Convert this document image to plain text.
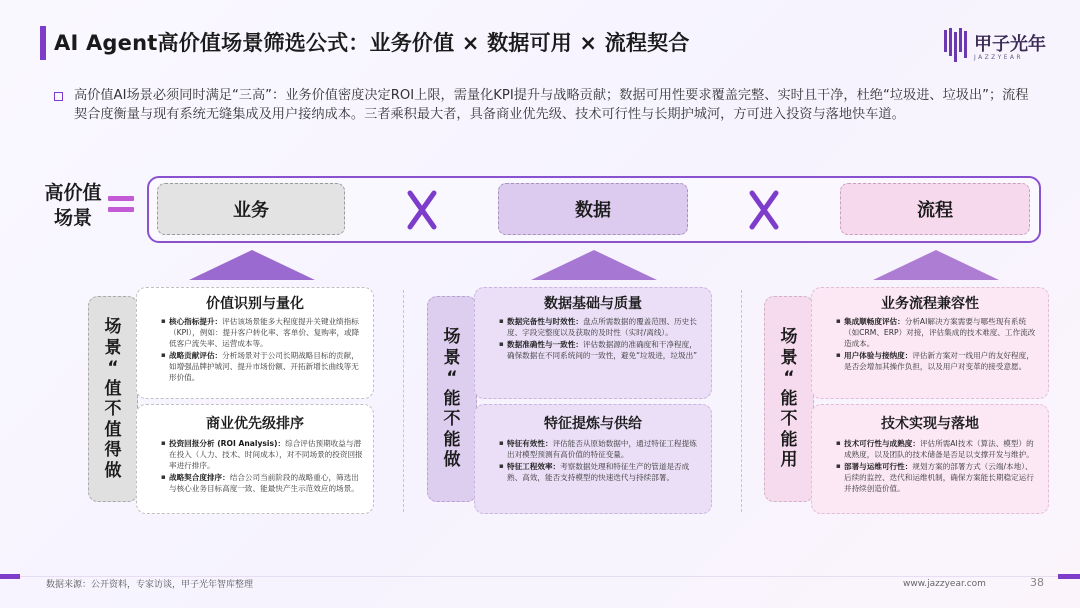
AI Agent高价值场景筛选公式：业务价值 × 数据可用 × 流程契合	甲子光年
JAZZYEAR
高价值AI场景必须同时满足“三高”：业务价值密度决定ROI上限，需量化KPI提升与战略贡献；数据可用性要求覆盖完整、实时且干净，杜绝“垃圾进、垃圾出”；流程契合度衡量与现有系统无缝集成及用户接纳成本。三者乘积最大者，具备商业优先级、技术可行性与长期护城河，方可进入投资与落地快车道。
高价值场景	业务	数据	流程
场
景
“
值
不
值
得
做
价值识别与量化
▪ 核心指标提升：评估该场景能多大程度提升关键业绩指标（KPI），例如：提升客户转化率、客单价、复购率，或降低客户流失率、运营成本等。
▪ 战略贡献评估：分析场景对于公司长期战略目标的贡献，如增强品牌护城河、提升市场份额、开拓新增长曲线等无形价值。
商业优先级排序
▪ 投资回报分析 (ROI Analysis)：综合评估预期收益与潜在投入（人力、技术、时间成本），对不同场景的投资回报率进行排序。
▪ 战略契合度排序：结合公司当前阶段的战略重心，筛选出与核心业务目标高度一致、能最快产生示范效应的场景。
场
景
“
能
不
能
做
数据基础与质量
▪ 数据完备性与时效性：盘点所需数据的覆盖范围、历史长度、字段完整度以及获取的及时性（实时/离线）。
▪ 数据准确性与一致性：评估数据源的准确度和干净程度，确保数据在不同系统间的一致性，避免“垃圾进，垃圾出”
特征提炼与供给
▪ 特征有效性：评估能否从原始数据中，通过特征工程提炼出对模型预测有高价值的特征变量。
▪ 特征工程效率：考察数据处理和特征生产的管道是否成熟、高效，能否支持模型的快速迭代与持续部署。
场
景
“
能
不
能
用
业务流程兼容性
▪ 集成顺畅度评估：分析AI解决方案需要与哪些现有系统（如CRM、ERP）对接，评估集成的技术难度、工作流改造成本。
▪ 用户体验与接纳度：评估新方案对一线用户的友好程度，是否会增加其操作负担，以及用户对变革的接受意愿。
技术实现与落地
▪ 技术可行性与成熟度：评估所需AI技术（算法、模型）的成熟度，以及团队的技术储备是否足以支撑开发与维护。
▪ 部署与运维可行性：规划方案的部署方式（云端/本地）、后续的监控、迭代和运维机制，确保方案能长期稳定运行并持续创造价值。
数据来源：公开资料，专家访谈，甲子光年智库整理	www.jazzyear.com	38
